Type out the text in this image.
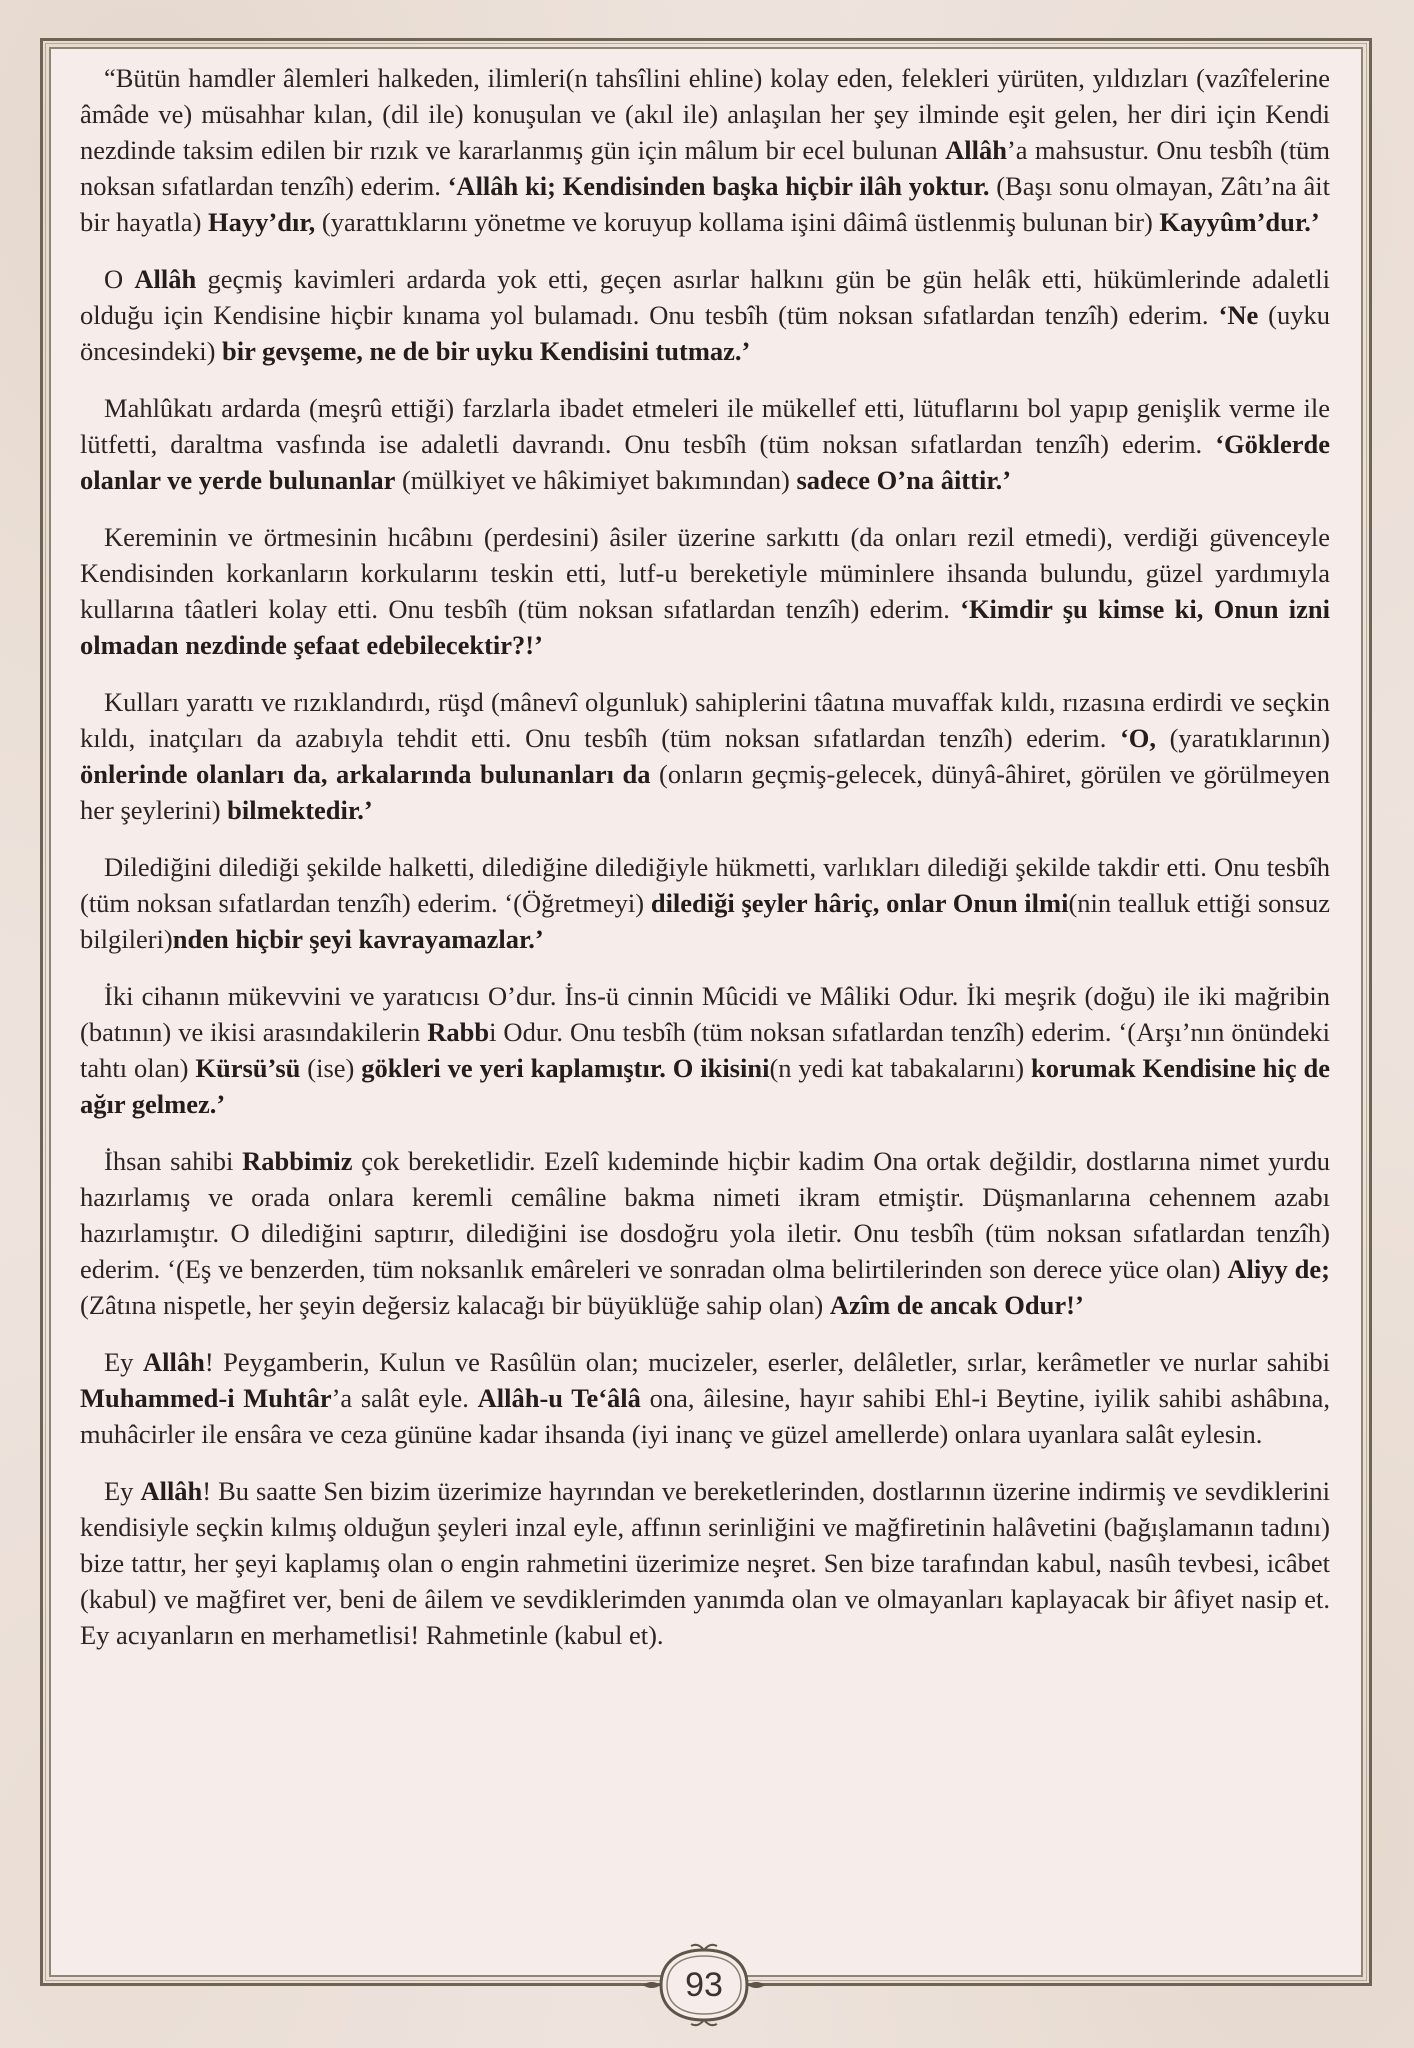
“Bütün hamdler âlemleri halkeden, ilimleri(n tahsîlini ehline) kolay eden, felekleri yürüten, yıldızları (vazîfelerine âmâde ve) müsahhar kılan, (dil ile) konuşulan ve (akıl ile) anlaşılan her şey ilminde eşit gelen, her diri için Kendi nezdinde taksim edilen bir rızık ve kararlanmış gün için mâlum bir ecel bulunan Allâh’a mahsustur. Onu tesbîh (tüm noksan sıfatlardan tenzîh) ederim. ‘Allâh ki; Kendisinden başka hiçbir ilâh yoktur. (Başı sonu olmayan, Zâtı’na âit bir hayatla) Hayy’dır, (yarattıklarını yönetme ve koruyup kollama işini dâimâ üstlenmiş bulunan bir) Kayyûm’dur.’

O Allâh geçmiş kavimleri ardarda yok etti, geçen asırlar halkını gün be gün helâk etti, hükümlerinde adaletli olduğu için Kendisine hiçbir kınama yol bulamadı. Onu tesbîh (tüm noksan sıfatlardan tenzîh) ederim. ‘Ne (uyku öncesindeki) bir gevşeme, ne de bir uyku Kendisini tutmaz.’

Mahlûkatı ardarda (meşrû ettiği) farzlarla ibadet etmeleri ile mükellef etti, lütuflarını bol yapıp genişlik verme ile lütfetti, daraltma vasfında ise adaletli davrandı. Onu tesbîh (tüm noksan sıfatlardan tenzîh) ederim. ‘Göklerde olanlar ve yerde bulunanlar (mülkiyet ve hâkimiyet bakımından) sadece O’na âittir.’

Kereminin ve örtmesinin hıcâbını (perdesini) âsiler üzerine sarkıttı (da onları rezil etmedi), verdiği güvenceyle Kendisinden korkanların korkularını teskin etti, lutf-u bereketiyle müminlere ihsanda bulundu, güzel yardımıyla kullarına tâatleri kolay etti. Onu tesbîh (tüm noksan sıfatlardan tenzîh) ederim. ‘Kimdir şu kimse ki, Onun izni olmadan nezdinde şefaat edebilecektir?!’

Kulları yarattı ve rızıklandırdı, rüşd (mânevî olgunluk) sahiplerini tâatına muvaffak kıldı, rızasına erdirdi ve seçkin kıldı, inatçıları da azabıyla tehdit etti. Onu tesbîh (tüm noksan sıfatlardan tenzîh) ederim. ‘O, (yaratıklarının) önlerinde olanları da, arkalarında bulunanları da (onların geçmiş-gelecek, dünyâ-âhiret, görülen ve görülmeyen her şeylerini) bilmektedir.’

Dilediğini dilediği şekilde halketti, dilediğine dilediğiyle hükmetti, varlıkları dilediği şekilde takdir etti. Onu tesbîh (tüm noksan sıfatlardan tenzîh) ederim. ‘(Öğretmeyi) dilediği şeyler hâriç, onlar Onun ilmi(nin tealluk ettiği sonsuz bilgileri)nden hiçbir şeyi kavrayamazlar.’

İki cihanın mükevvini ve yaratıcısı O’dur. İns-ü cinnin Mûcidi ve Mâliki Odur. İki meşrik (doğu) ile iki mağribin (batının) ve ikisi arasındakilerin Rabbi Odur. Onu tesbîh (tüm noksan sıfatlardan tenzîh) ederim. ‘(Arşı’nın önündeki tahtı olan) Kürsü’sü (ise) gökleri ve yeri kaplamıştır. O ikisini(n yedi kat tabakalarını) korumak Kendisine hiç de ağır gelmez.’

İhsan sahibi Rabbimiz çok bereketlidir. Ezelî kıdeminde hiçbir kadim Ona ortak değildir, dostlarına nimet yurdu hazırlamış ve orada onlara keremli cemâline bakma nimeti ikram etmiştir. Düşmanlarına cehennem azabı hazırlamıştır. O dilediğini saptırır, dilediğini ise dosdoğru yola iletir. Onu tesbîh (tüm noksan sıfatlardan tenzîh) ederim. ‘(Eş ve benzerden, tüm noksanlık emâreleri ve sonradan olma belirtilerinden son derece yüce olan) Aliyy de; (Zâtına nispetle, her şeyin değersiz kalacağı bir büyüklüğe sahip olan) Azîm de ancak Odur!’

Ey Allâh! Peygamberin, Kulun ve Rasûlün olan; mucizeler, eserler, delâletler, sırlar, kerâmetler ve nurlar sahibi Muhammed-i Muhtâr’a salât eyle. Allâh-u Te‘âlâ ona, âilesine, hayır sahibi Ehl-i Beytine, iyilik sahibi ashâbına, muhâcirler ile ensâra ve ceza gününe kadar ihsanda (iyi inanç ve güzel amellerde) onlara uyanlara salât eylesin.

Ey Allâh! Bu saatte Sen bizim üzerimize hayrından ve bereketlerinden, dostlarının üzerine indirmiş ve sevdiklerini kendisiyle seçkin kılmış olduğun şeyleri inzal eyle, affının serinliğini ve mağfiretinin halâvetini (bağışlamanın tadını) bize tattır, her şeyi kaplamış olan o engin rahmetini üzerimize neşret. Sen bize tarafından kabul, nasûh tevbesi, icâbet (kabul) ve mağfiret ver, beni de âilem ve sevdiklerimden yanımda olan ve olmayanları kaplayacak bir âfiyet nasip et. Ey acıyanların en merhametlisi! Rahmetinle (kabul et).

93
